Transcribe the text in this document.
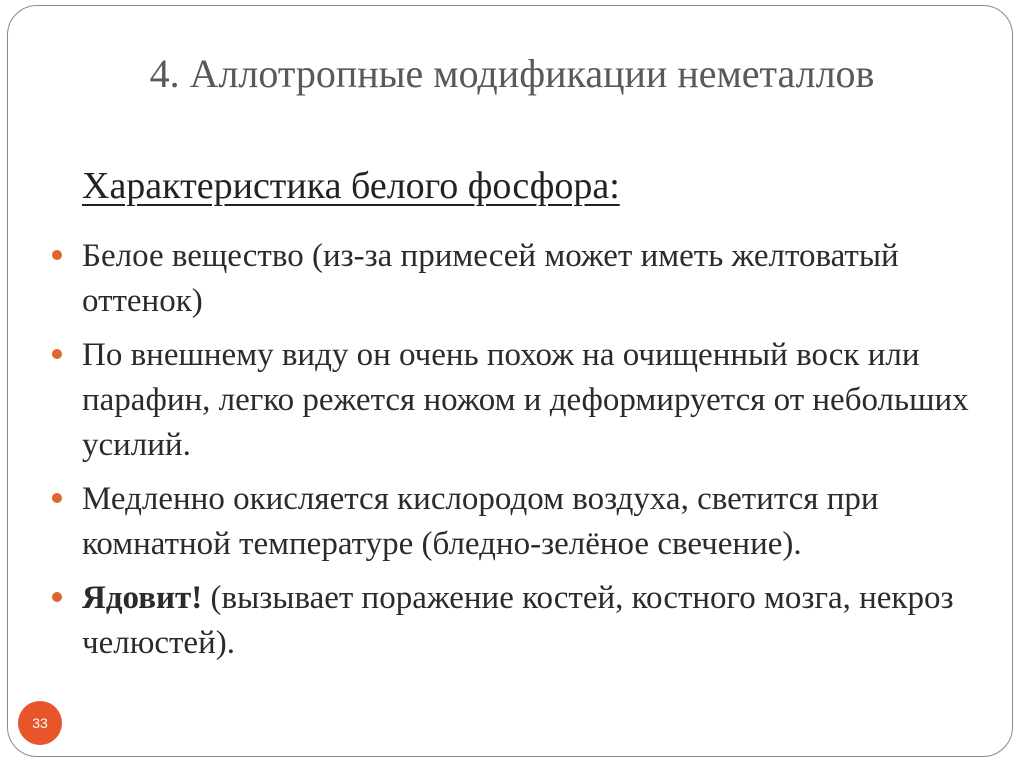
4. Аллотропные модификации неметаллов
Характеристика белого фосфора:
Белое вещество (из-за примесей может иметь желтоватый оттенок)
По внешнему виду он очень похож на очищенный воск или парафин, легко режется ножом и деформируется от небольших усилий.
Медленно окисляется кислородом воздуха, светится при комнатной температуре (бледно-зелёное свечение).
Ядовит! (вызывает поражение костей, костного мозга, некроз челюстей).
33
